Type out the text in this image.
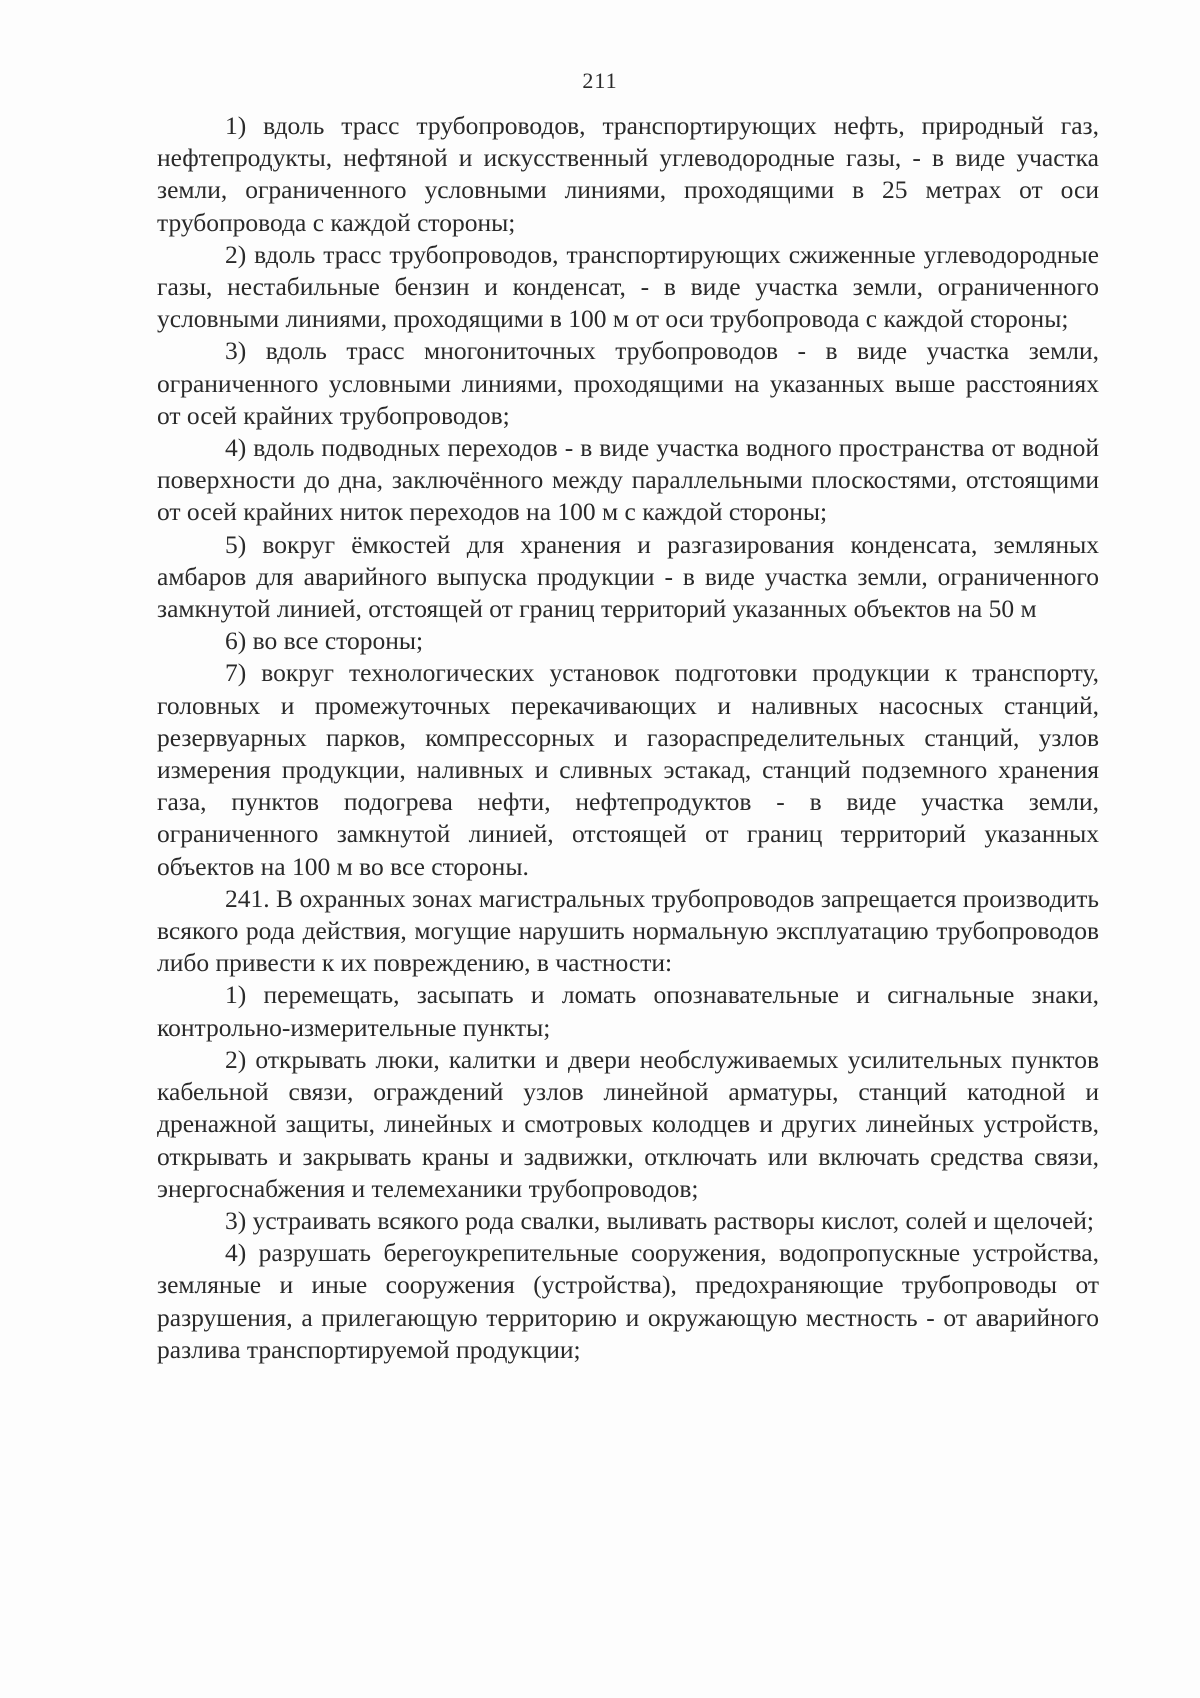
211

1) вдоль трасс трубопроводов, транспортирующих нефть, природный газ, нефтепродукты, нефтяной и искусственный углеводородные газы, - в виде участка земли, ограниченного условными линиями, проходящими в 25 метрах от оси трубопровода с каждой стороны;

2) вдоль трасс трубопроводов, транспортирующих сжиженные углеводородные газы, нестабильные бензин и конденсат, - в виде участка земли, ограниченного условными линиями, проходящими в 100 м от оси трубопровода с каждой стороны;

3) вдоль трасс многониточных трубопроводов - в виде участка земли, ограниченного условными линиями, проходящими на указанных выше расстояниях от осей крайних трубопроводов;

4) вдоль подводных переходов - в виде участка водного пространства от водной поверхности до дна, заключённого между параллельными плоскостями, отстоящими от осей крайних ниток переходов на 100 м с каждой стороны;

5) вокруг ёмкостей для хранения и разгазирования конденсата, земляных амбаров для аварийного выпуска продукции - в виде участка земли, ограниченного замкнутой линией, отстоящей от границ территорий указанных объектов на 50 м

6) во все стороны;

7) вокруг технологических установок подготовки продукции к транспорту, головных и промежуточных перекачивающих и наливных насосных станций, резервуарных парков, компрессорных и газораспределительных станций, узлов измерения продукции, наливных и сливных эстакад, станций подземного хранения газа, пунктов подогрева нефти, нефтепродуктов - в виде участка земли, ограниченного замкнутой линией, отстоящей от границ территорий указанных объектов на 100 м во все стороны.

241. В охранных зонах магистральных трубопроводов запрещается производить всякого рода действия, могущие нарушить нормальную эксплуатацию трубопроводов либо привести к их повреждению, в частности:

1) перемещать, засыпать и ломать опознавательные и сигнальные знаки, контрольно-измерительные пункты;

2) открывать люки, калитки и двери необслуживаемых усилительных пунктов кабельной связи, ограждений узлов линейной арматуры, станций катодной и дренажной защиты, линейных и смотровых колодцев и других линейных устройств, открывать и закрывать краны и задвижки, отключать или включать средства связи, энергоснабжения и телемеханики трубопроводов;

3) устраивать всякого рода свалки, выливать растворы кислот, солей и щелочей;

4) разрушать берегоукрепительные сооружения, водопропускные устройства, земляные и иные сооружения (устройства), предохраняющие трубопроводы от разрушения, а прилегающую территорию и окружающую местность - от аварийного разлива транспортируемой продукции;
